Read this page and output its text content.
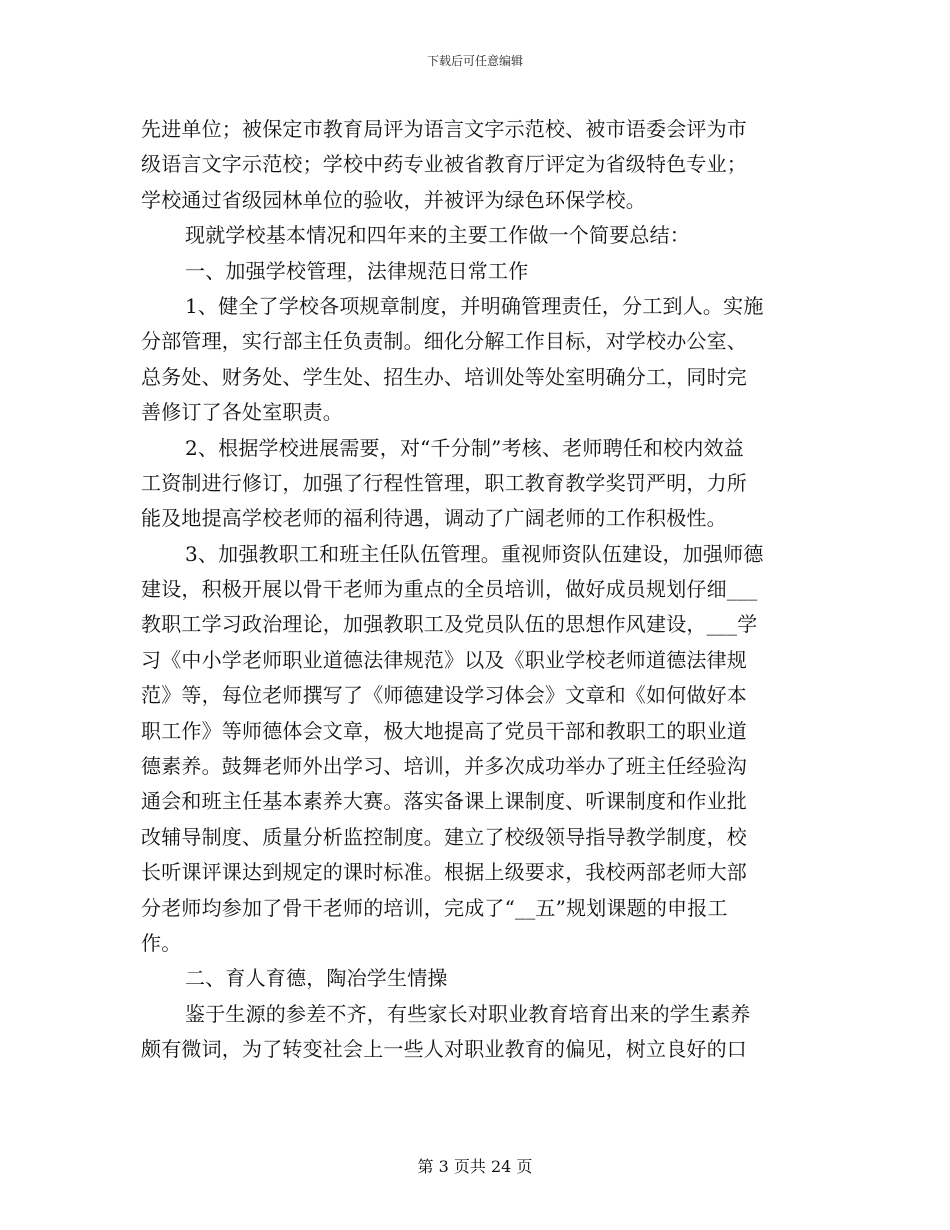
下载后可任意编辑
先进单位；被保定市教育局评为语言文字示范校、被市语委会评为市
级语言文字示范校；学校中药专业被省教育厅评定为省级特色专业；
学校通过省级园林单位的验收，并被评为绿色环保学校。
现就学校基本情况和四年来的主要工作做一个简要总结：
一、加强学校管理，法律规范日常工作
1、健全了学校各项规章制度，并明确管理责任，分工到人。实施
分部管理，实行部主任负责制。细化分解工作目标，对学校办公室、
总务处、财务处、学生处、招生办、培训处等处室明确分工，同时完
善修订了各处室职责。
2、根据学校进展需要，对“千分制”考核、老师聘任和校内效益
工资制进行修订，加强了行程性管理，职工教育教学奖罚严明，力所
能及地提高学校老师的福利待遇，调动了广阔老师的工作积极性。
3、加强教职工和班主任队伍管理。重视师资队伍建设，加强师德
建设，积极开展以骨干老师为重点的全员培训，做好成员规划仔细___
教职工学习政治理论，加强教职工及党员队伍的思想作风建设，___学
习《中小学老师职业道德法律规范》以及《职业学校老师道德法律规
范》等，每位老师撰写了《师德建设学习体会》文章和《如何做好本
职工作》等师德体会文章，极大地提高了党员干部和教职工的职业道
德素养。鼓舞老师外出学习、培训，并多次成功举办了班主任经验沟
通会和班主任基本素养大赛。落实备课上课制度、听课制度和作业批
改辅导制度、质量分析监控制度。建立了校级领导指导教学制度，校
长听课评课达到规定的课时标准。根据上级要求，我校两部老师大部
分老师均参加了骨干老师的培训，完成了“__五”规划课题的申报工
作。
二、育人育德，陶冶学生情操
鉴于生源的参差不齐，有些家长对职业教育培育出来的学生素养
颇有微词，为了转变社会上一些人对职业教育的偏见，树立良好的口
第 3 页共 24 页
